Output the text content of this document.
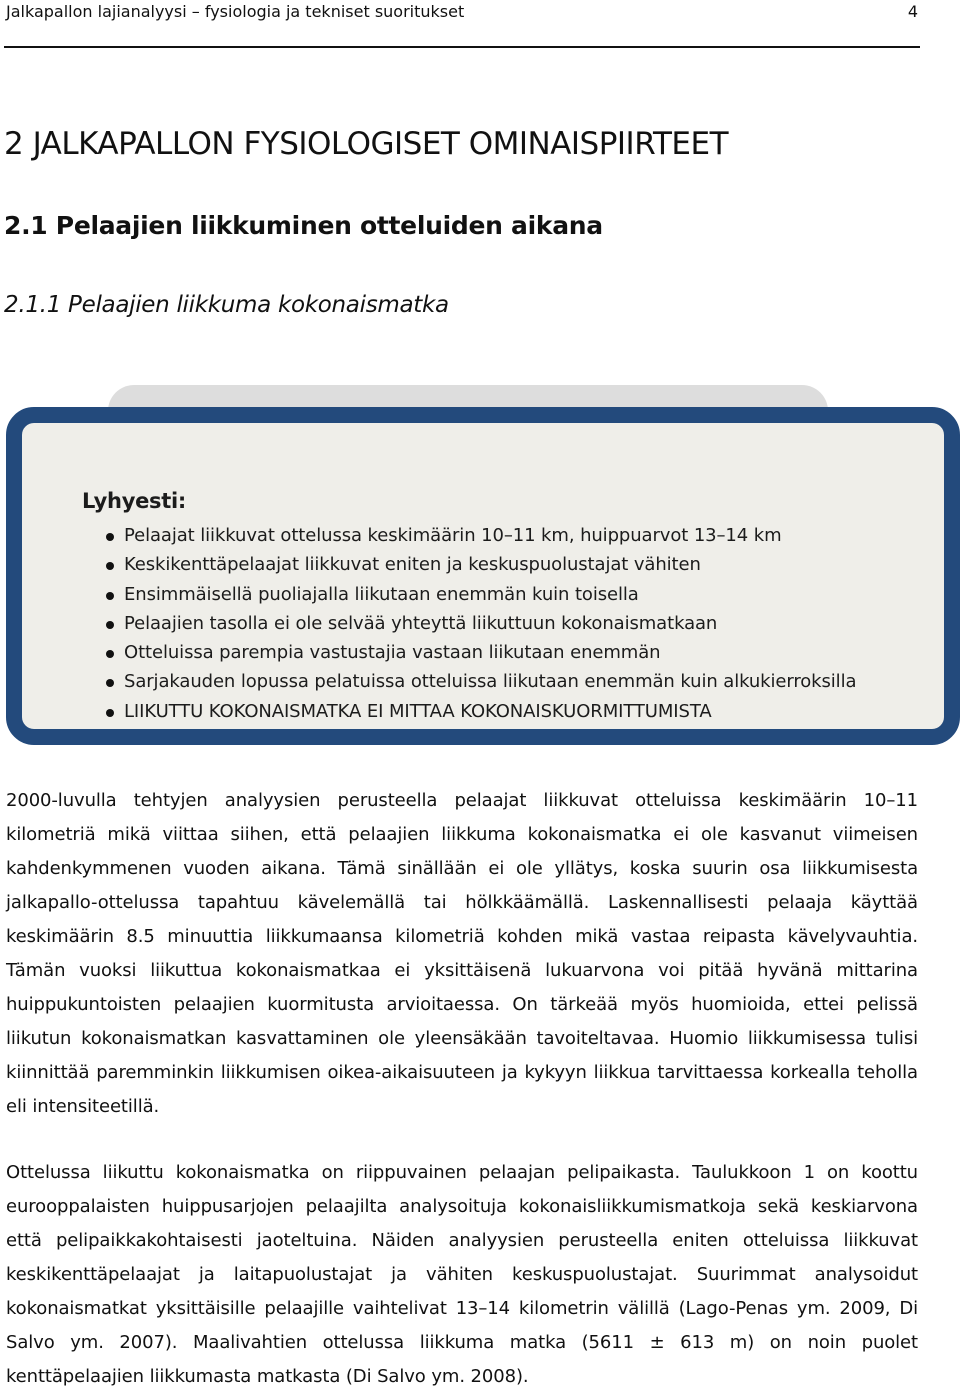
Jalkapallon lajianalyysi – fysiologia ja tekniset suoritukset	4
2 JALKAPALLON FYSIOLOGISET OMINAISPIIRTEET
2.1 Pelaajien liikkuminen otteluiden aikana
2.1.1 Pelaajien liikkuma kokonaismatka
Lyhyesti:
Pelaajat liikkuvat ottelussa keskimäärin 10–11 km, huippuarvot 13–14 km
Keskikenttäpelaajat liikkuvat eniten ja keskuspuolustajat vähiten
Ensimmäisellä puoliajalla liikutaan enemmän kuin toisella
Pelaajien tasolla ei ole selvää yhteyttä liikuttuun kokonaismatkaan
Otteluissa parempia vastustajia vastaan liikutaan enemmän
Sarjakauden lopussa pelatuissa otteluissa liikutaan enemmän kuin alkukierroksilla
LIIKUTTU KOKONAISMATKA EI MITTAA KOKONAISKUORMITTUMISTA

2000-luvulla tehtyjen analyysien perusteella pelaajat liikkuvat otteluissa keskimäärin 10–11 kilometriä mikä viittaa siihen, että pelaajien liikkuma kokonaismatka ei ole kasvanut viimeisen kahdenkymmenen vuoden aikana. Tämä sinällään ei ole yllätys, koska suurin osa liikkumisesta jalkapallo-ottelussa tapahtuu kävelemällä tai hölkkäämällä. Laskennallisesti pelaaja käyttää keskimäärin 8.5 minuuttia liikkumaansa kilometriä kohden mikä vastaa reipasta kävelyvauhtia. Tämän vuoksi liikuttua kokonaismatkaa ei yksittäisenä lukuarvona voi pitää hyvänä mittarina huippukuntoisten pelaajien kuormitusta arvioitaessa. On tärkeää myös huomioida, ettei pelissä liikutun kokonaismatkan kasvattaminen ole yleensäkään tavoiteltavaa. Huomio liikkumisessa tulisi kiinnittää paremminkin liikkumisen oikea-aikaisuuteen ja kykyyn liikkua tarvittaessa korkealla teholla eli intensiteetillä.

Ottelussa liikuttu kokonaismatka on riippuvainen pelaajan pelipaikasta. Taulukkoon 1 on koottu eurooppalaisten huippusarjojen pelaajilta analysoituja kokonaisliikkumismatkoja sekä keskiarvona että pelipaikkakohtaisesti jaoteltuina. Näiden analyysien perusteella eniten otteluissa liikkuvat keskikenttäpelaajat ja laitapuolustajat ja vähiten keskuspuolustajat. Suurimmat analysoidut kokonaismatkat yksittäisille pelaajille vaihtelivat 13–14 kilometrin välillä (Lago-Penas ym. 2009, Di Salvo ym. 2007). Maalivahtien ottelussa liikkuma matka (5611 ± 613 m) on noin puolet kenttäpelaajien liikkumasta matkasta (Di Salvo ym. 2008).
